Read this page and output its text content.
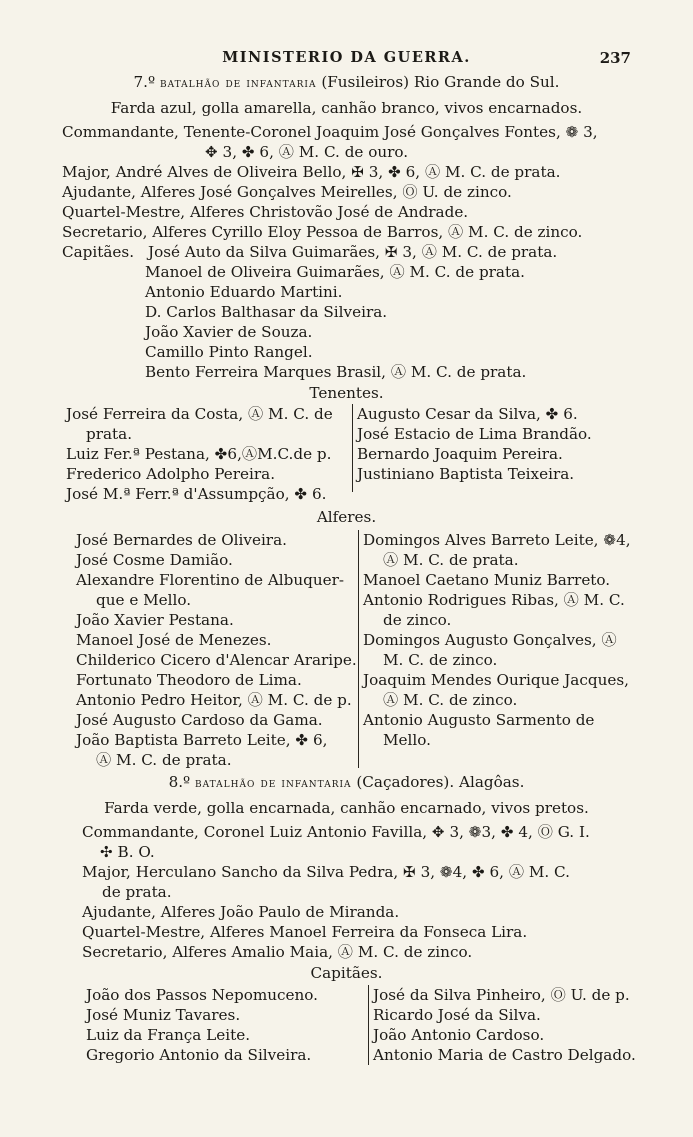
MINISTERIO DA GUERRA.	237
7.º batalhão de infantaria (Fusileiros) Rio Grande do Sul.
Farda azul, golla amarella, canhão branco, vivos encarnados.
Commandante, Tenente-Coronel Joaquim José Gonçalves Fontes, ❁ 3,
✥ 3, ✤ 6, Ⓐ M. C. de ouro.
Major, André Alves de Oliveira Bello, ✠ 3, ✤ 6, Ⓐ M. C. de prata.
Ajudante, Alferes José Gonçalves Meirelles, Ⓞ U. de zinco.
Quartel-Mestre, Alferes Christovão José de Andrade.
Secretario, Alferes Cyrillo Eloy Pessoa de Barros, Ⓐ M. C. de zinco.
Capitães. José Auto da Silva Guimarães, ✠ 3, Ⓐ M. C. de prata.
Manoel de Oliveira Guimarães, Ⓐ M. C. de prata.
Antonio Eduardo Martini.
D. Carlos Balthasar da Silveira.
João Xavier de Souza.
Camillo Pinto Rangel.
Bento Ferreira Marques Brasil, Ⓐ M. C. de prata.
Tenentes.
José Ferreira da Costa, Ⓐ M. C. de
prata.
Luiz Fer.ª Pestana, ✤6,ⒶM.C.de p.
Frederico Adolpho Pereira.
José M.ª Ferr.ª d'Assumpção, ✤ 6.
Augusto Cesar da Silva, ✤ 6.
José Estacio de Lima Brandão.
Bernardo Joaquim Pereira.
Justiniano Baptista Teixeira.
Alferes.
José Bernardes de Oliveira.
José Cosme Damião.
Alexandre Florentino de Albuquer-
que e Mello.
João Xavier Pestana.
Manoel José de Menezes.
Childerico Cicero d'Alencar Araripe.
Fortunato Theodoro de Lima.
Antonio Pedro Heitor, Ⓐ M. C. de p.
José Augusto Cardoso da Gama.
João Baptista Barreto Leite, ✤ 6,
Ⓐ M. C. de prata.
Domingos Alves Barreto Leite, ❁4,
Ⓐ M. C. de prata.
Manoel Caetano Muniz Barreto.
Antonio Rodrigues Ribas, Ⓐ M. C.
de zinco.
Domingos Augusto Gonçalves, Ⓐ
M. C. de zinco.
Joaquim Mendes Ourique Jacques,
Ⓐ M. C. de zinco.
Antonio Augusto Sarmento de
Mello.
8.º batalhão de infantaria (Caçadores). Alagôas.
Farda verde, golla encarnada, canhão encarnado, vivos pretos.
Commandante, Coronel Luiz Antonio Favilla, ✥ 3, ❁3, ✤ 4, Ⓞ G. I.
✣ B. O.
Major, Herculano Sancho da Silva Pedra, ✠ 3, ❁4, ✤ 6, Ⓐ M. C.
de prata.
Ajudante, Alferes João Paulo de Miranda.
Quartel-Mestre, Alferes Manoel Ferreira da Fonseca Lira.
Secretario, Alferes Amalio Maia, Ⓐ M. C. de zinco.
Capitães.
João dos Passos Nepomuceno.
José Muniz Tavares.
Luiz da França Leite.
Gregorio Antonio da Silveira.
José da Silva Pinheiro, Ⓞ U. de p.
Ricardo José da Silva.
João Antonio Cardoso.
Antonio Maria de Castro Delgado.
